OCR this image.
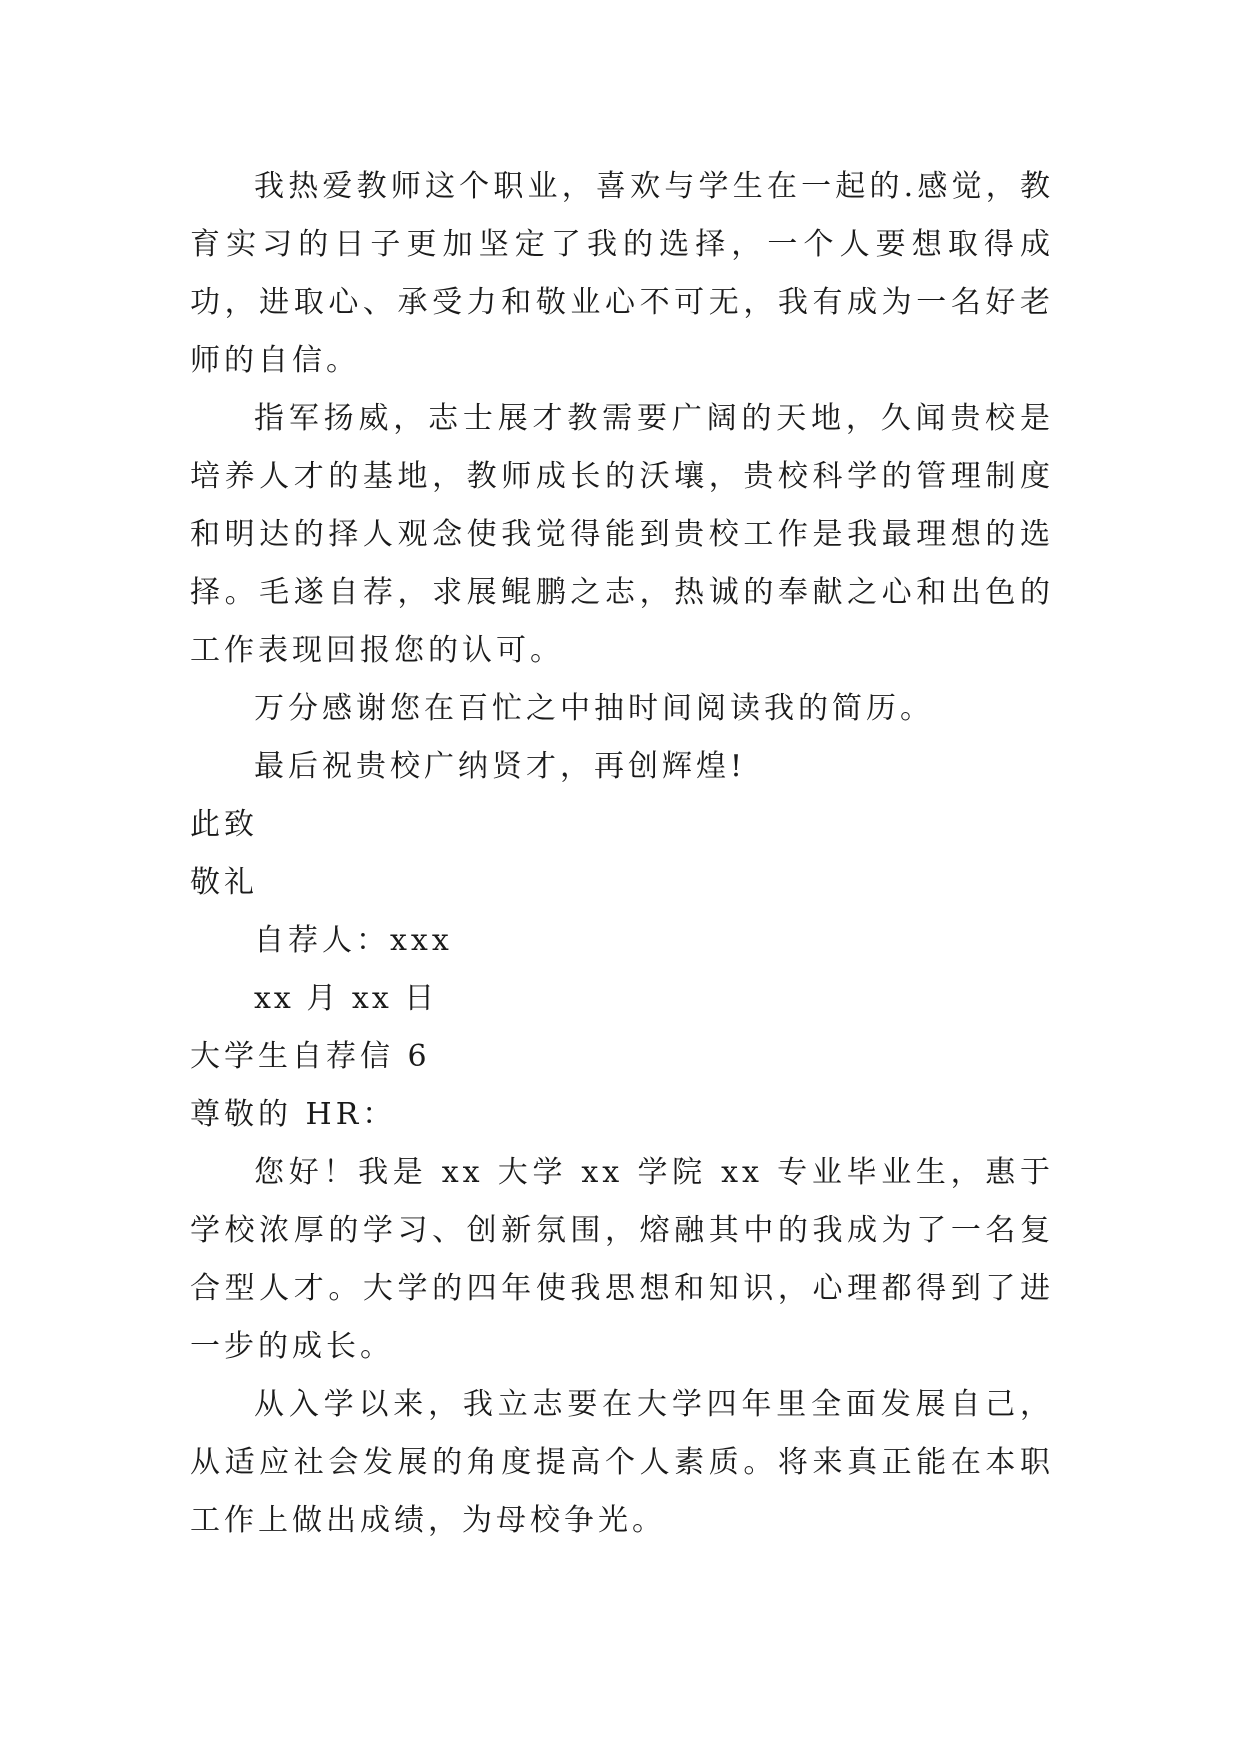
我热爱教师这个职业，喜欢与学生在一起的.感觉，教育实习的日子更加坚定了我的选择，一个人要想取得成功，进取心、承受力和敬业心不可无，我有成为一名好老师的自信。

指军扬威，志士展才教需要广阔的天地，久闻贵校是培养人才的基地，教师成长的沃壤，贵校科学的管理制度和明达的择人观念使我觉得能到贵校工作是我最理想的选择。毛遂自荐，求展鲲鹏之志，热诚的奉献之心和出色的工作表现回报您的认可。

万分感谢您在百忙之中抽时间阅读我的简历。

最后祝贵校广纳贤才，再创辉煌!

此致

敬礼

自荐人：xxx

xx 月 xx 日

大学生自荐信 6

尊敬的 HR：

您好！我是 xx 大学 xx 学院 xx 专业毕业生，惠于学校浓厚的学习、创新氛围，熔融其中的我成为了一名复合型人才。大学的四年使我思想和知识，心理都得到了进一步的成长。

从入学以来，我立志要在大学四年里全面发展自己，从适应社会发展的角度提高个人素质。将来真正能在本职工作上做出成绩，为母校争光。
